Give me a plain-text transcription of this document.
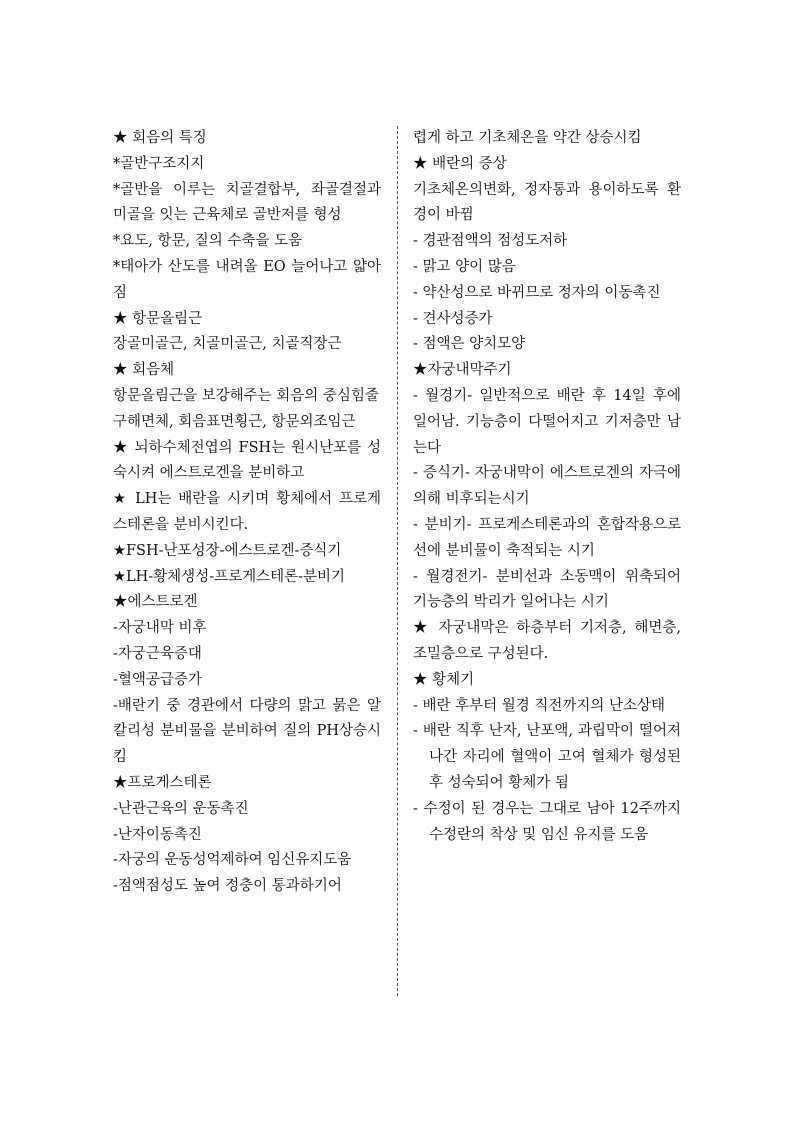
★ 회음의 특징

*골반구조지지

*골반을 이루는 치골결합부, 좌골결절과 미골을 잇는 근육체로 골반저를 형성

*요도, 항문, 질의 수축을 도움

*태아가 산도를 내려올 EO 늘어나고 얇아짐

★ 항문올림근

장골미골근, 치골미골근, 치골직장근

★ 회음체

항문올림근을 보강해주는 회음의 중심힘줄

구해면체, 회음표면횡근, 항문외조임근

★ 뇌하수체전엽의 FSH는 원시난포를 성숙시켜 에스트로겐을 분비하고

★ LH는 배란을 시키며 황체에서 프로게스테론을 분비시킨다.

★FSH-난포성장-에스트로겐-증식기

★LH-황체생성-프로게스테론-분비기

★에스트로겐

-자궁내막 비후

-자궁근육증대

-혈액공급증가

-배란기 중 경관에서 다량의 맑고 묽은 알칼리성 분비물을 분비하여 질의 PH상승시킴

★프로게스테론

-난관근육의 운동촉진

-난자이동촉진

-자궁의 운동성억제하여 임신유지도움

-점액점성도 높여 정충이 통과하기어

렵게 하고 기초체온을 약간 상승시킴

★ 배란의 증상

기초체온의변화, 정자통과 용이하도록 환경이 바뀜

- 경관점액의 점성도저하

- 맑고 양이 많음

- 약산성으로 바뀌므로 정자의 이동촉진

- 견사성증가

- 점액은 양치모양

★자궁내막주기

- 월경기- 일반적으로 배란 후 14일 후에 일어남. 기능층이 다떨어지고 기저층만 남는다

- 증식기- 자궁내막이 에스트로겐의 자극에 의해 비후되는시기

- 분비기- 프로게스테론과의 혼합작용으로 선에 분비물이 축적되는 시기

- 월경전기- 분비선과 소동맥이 위축되어 기능층의 박리가 일어나는 시기

★ 자궁내막은 하층부터 기저층, 해면층, 조밀층으로 구성된다.

★ 황체기

- 배란 후부터 월경 직전까지의 난소상태

- 배란 직후 난자, 난포액, 과립막이 떨어져 나간 자리에 혈액이 고여 혈체가 형성된 후 성숙되어 황체가 됨

- 수정이 된 경우는 그대로 남아 12주까지 수정란의 착상 및 임신 유지를 도움
